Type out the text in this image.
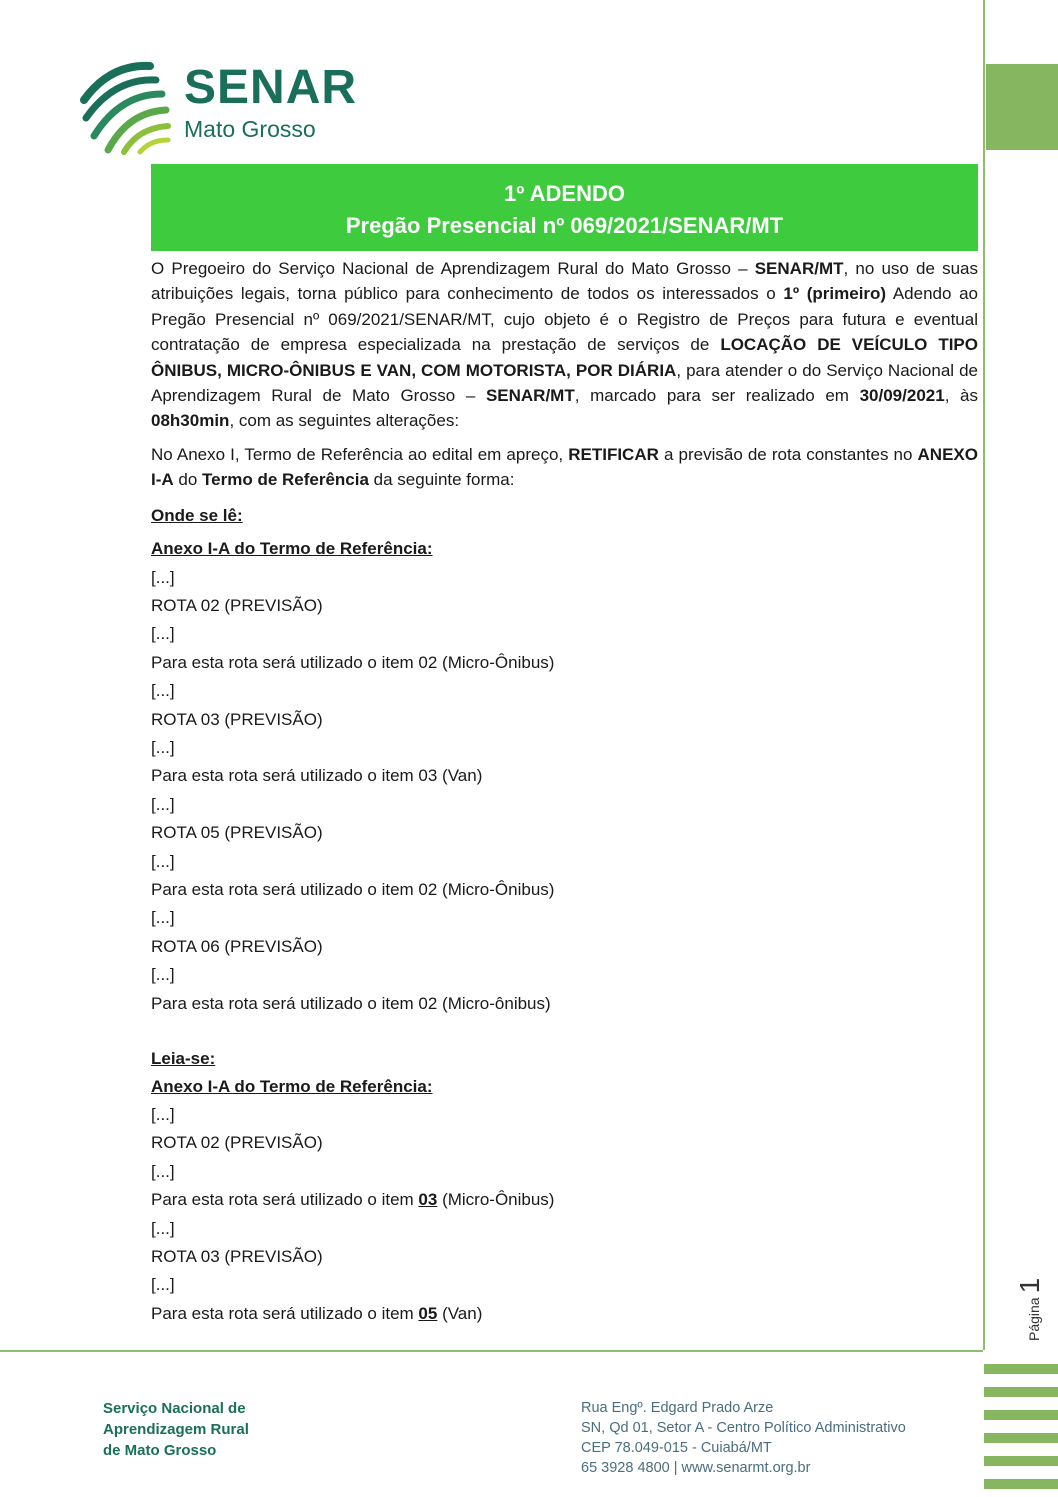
SENAR
Mato Grosso
1º ADENDO
Pregão Presencial nº 069/2021/SENAR/MT

O Pregoeiro do Serviço Nacional de Aprendizagem Rural do Mato Grosso – SENAR/MT, no uso de suas atribuições legais, torna público para conhecimento de todos os interessados o 1º (primeiro) Adendo ao Pregão Presencial nº 069/2021/SENAR/MT, cujo objeto é o Registro de Preços para futura e eventual contratação de empresa especializada na prestação de serviços de LOCAÇÃO DE VEÍCULO TIPO ÔNIBUS, MICRO-ÔNIBUS E VAN, COM MOTORISTA, POR DIÁRIA, para atender o do Serviço Nacional de Aprendizagem Rural de Mato Grosso – SENAR/MT, marcado para ser realizado em 30/09/2021, às 08h30min, com as seguintes alterações:

No Anexo I, Termo de Referência ao edital em apreço, RETIFICAR a previsão de rota constantes no ANEXO I-A do Termo de Referência da seguinte forma:

Onde se lê:
Anexo I-A do Termo de Referência:
[...]
ROTA 02 (PREVISÃO)
[...]
Para esta rota será utilizado o item 02 (Micro-Ônibus)
[...]
ROTA 03 (PREVISÃO)
[...]
Para esta rota será utilizado o item 03 (Van)
[...]
ROTA 05 (PREVISÃO)
[...]
Para esta rota será utilizado o item 02 (Micro-Ônibus)
[...]
ROTA 06 (PREVISÃO)
[...]
Para esta rota será utilizado o item 02 (Micro-ônibus)
Leia-se:
Anexo I-A do Termo de Referência:
[...]
ROTA 02 (PREVISÃO)
[...]
Para esta rota será utilizado o item 03 (Micro-Ônibus)
[...]
ROTA 03 (PREVISÃO)
[...]
Para esta rota será utilizado o item 05 (Van)	Página1
Serviço Nacional de
Aprendizagem Rural
de Mato Grosso
Rua Engº. Edgard Prado Arze
SN, Qd 01, Setor A - Centro Político Administrativo
CEP 78.049-015 - Cuiabá/MT
65 3928 4800 | www.senarmt.org.br
